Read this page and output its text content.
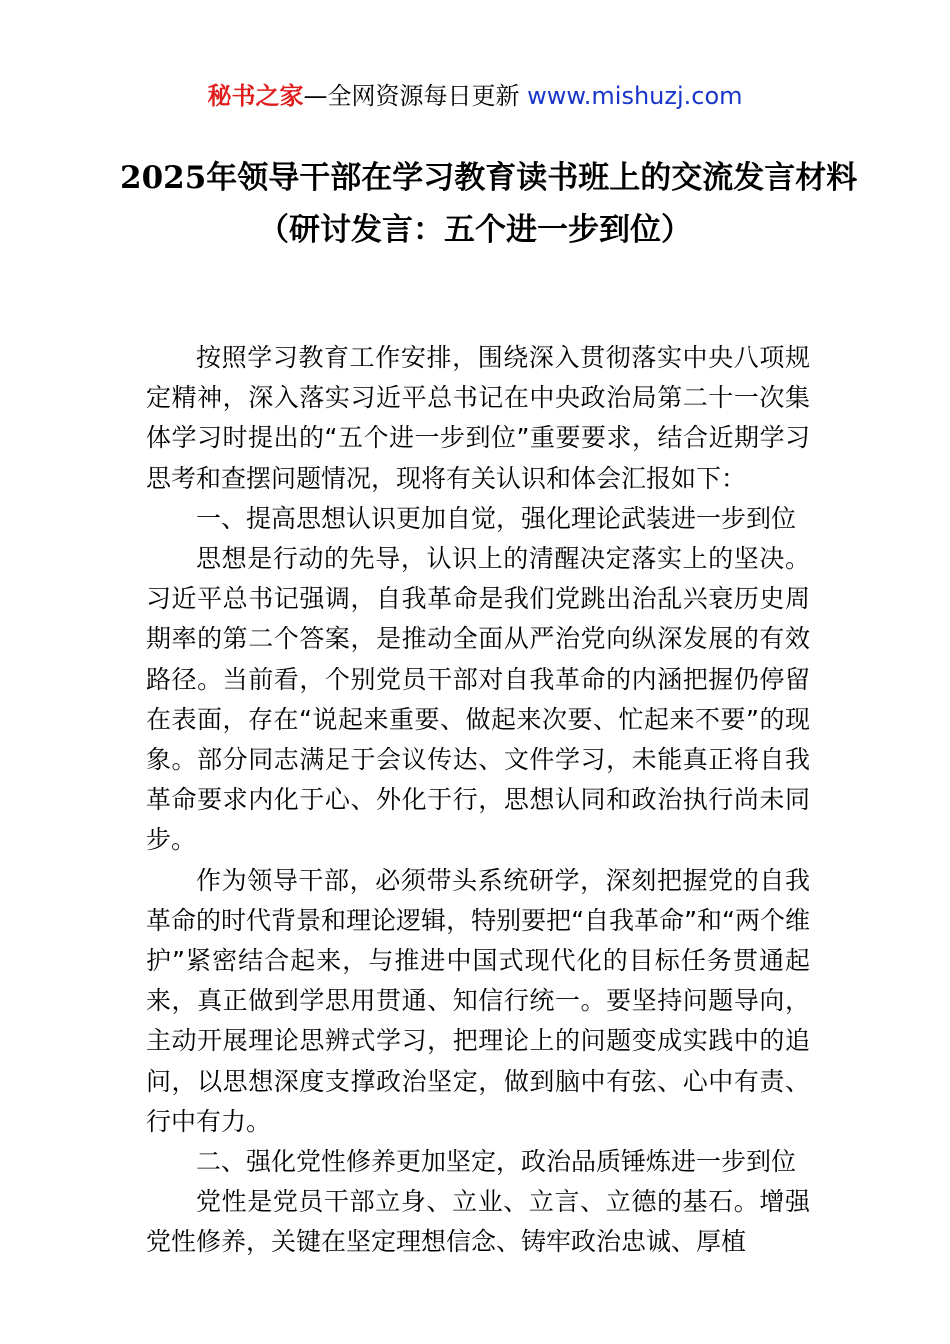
秘书之家—全网资源每日更新 www.mishuzj.com
2025年领导干部在学习教育读书班上的交流发言材料
（研讨发言：五个进一步到位）

按照学习教育工作安排，围绕深入贯彻落实中央八项规定精神，深入落实习近平总书记在中央政治局第二十一次集体学习时提出的“五个进一步到位”重要要求，结合近期学习思考和查摆问题情况，现将有关认识和体会汇报如下：

一、提高思想认识更加自觉，强化理论武装进一步到位

思想是行动的先导，认识上的清醒决定落实上的坚决。习近平总书记强调，自我革命是我们党跳出治乱兴衰历史周期率的第二个答案，是推动全面从严治党向纵深发展的有效路径。当前看，个别党员干部对自我革命的内涵把握仍停留在表面，存在“说起来重要、做起来次要、忙起来不要”的现象。部分同志满足于会议传达、文件学习，未能真正将自我革命要求内化于心、外化于行，思想认同和政治执行尚未同步。

作为领导干部，必须带头系统研学，深刻把握党的自我革命的时代背景和理论逻辑，特别要把“自我革命”和“两个维护”紧密结合起来，与推进中国式现代化的目标任务贯通起来，真正做到学思用贯通、知信行统一。要坚持问题导向，主动开展理论思辨式学习，把理论上的问题变成实践中的追问，以思想深度支撑政治坚定，做到脑中有弦、心中有责、行中有力。

二、强化党性修养更加坚定，政治品质锤炼进一步到位

党性是党员干部立身、立业、立言、立德的基石。增强党性修养，关键在坚定理想信念、铸牢政治忠诚、厚植
